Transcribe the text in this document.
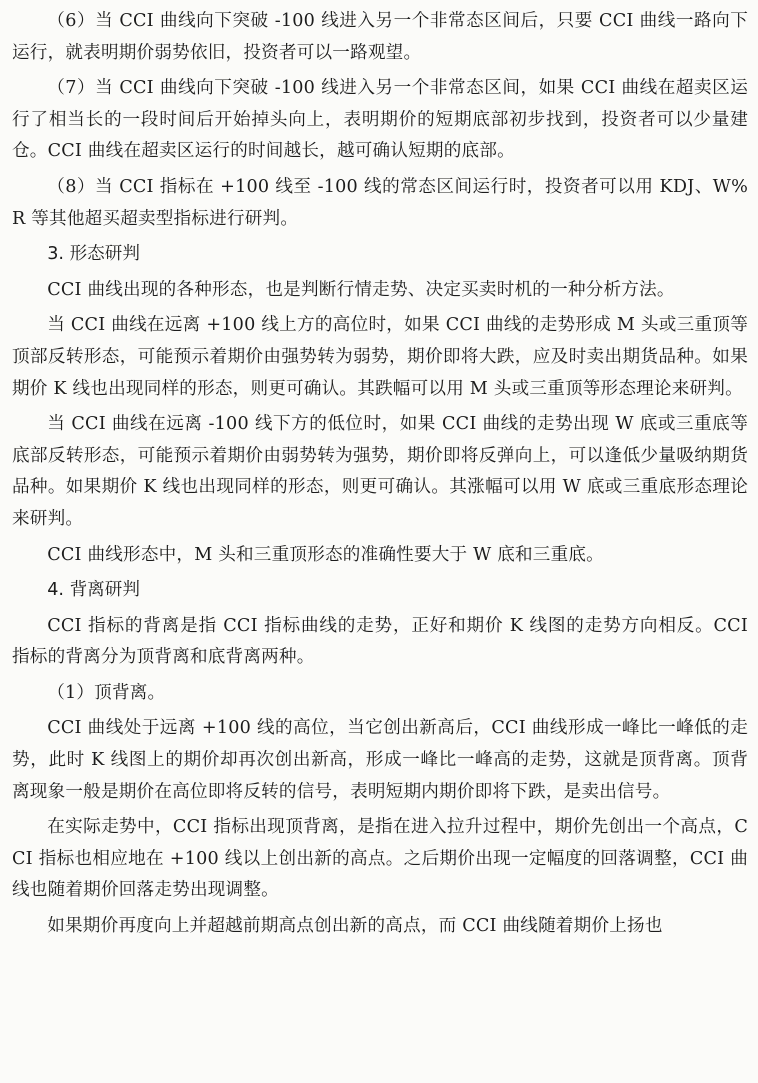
（6）当 CCI 曲线向下突破 -100 线进入另一个非常态区间后，只要 CCI 曲线一路向下运行，就表明期价弱势依旧，投资者可以一路观望。

（7）当 CCI 曲线向下突破 -100 线进入另一个非常态区间，如果 CCI 曲线在超卖区运行了相当长的一段时间后开始掉头向上，表明期价的短期底部初步找到，投资者可以少量建仓。CCI 曲线在超卖区运行的时间越长，越可确认短期的底部。

（8）当 CCI 指标在 +100 线至 -100 线的常态区间运行时，投资者可以用 KDJ、W%R 等其他超买超卖型指标进行研判。

3. 形态研判

CCI 曲线出现的各种形态，也是判断行情走势、决定买卖时机的一种分析方法。

当 CCI 曲线在远离 +100 线上方的高位时，如果 CCI 曲线的走势形成 M 头或三重顶等顶部反转形态，可能预示着期价由强势转为弱势，期价即将大跌，应及时卖出期货品种。如果期价 K 线也出现同样的形态，则更可确认。其跌幅可以用 M 头或三重顶等形态理论来研判。

当 CCI 曲线在远离 -100 线下方的低位时，如果 CCI 曲线的走势出现 W 底或三重底等底部反转形态，可能预示着期价由弱势转为强势，期价即将反弹向上，可以逢低少量吸纳期货品种。如果期价 K 线也出现同样的形态，则更可确认。其涨幅可以用 W 底或三重底形态理论来研判。

CCI 曲线形态中，M 头和三重顶形态的准确性要大于 W 底和三重底。

4. 背离研判

CCI 指标的背离是指 CCI 指标曲线的走势，正好和期价 K 线图的走势方向相反。CCI 指标的背离分为顶背离和底背离两种。

（1）顶背离。

CCI 曲线处于远离 +100 线的高位，当它创出新高后，CCI 曲线形成一峰比一峰低的走势，此时 K 线图上的期价却再次创出新高，形成一峰比一峰高的走势，这就是顶背离。顶背离现象一般是期价在高位即将反转的信号，表明短期内期价即将下跌，是卖出信号。

在实际走势中，CCI 指标出现顶背离，是指在进入拉升过程中，期价先创出一个高点，CCI 指标也相应地在 +100 线以上创出新的高点。之后期价出现一定幅度的回落调整，CCI 曲线也随着期价回落走势出现调整。

如果期价再度向上并超越前期高点创出新的高点，而 CCI 曲线随着期价上扬也
